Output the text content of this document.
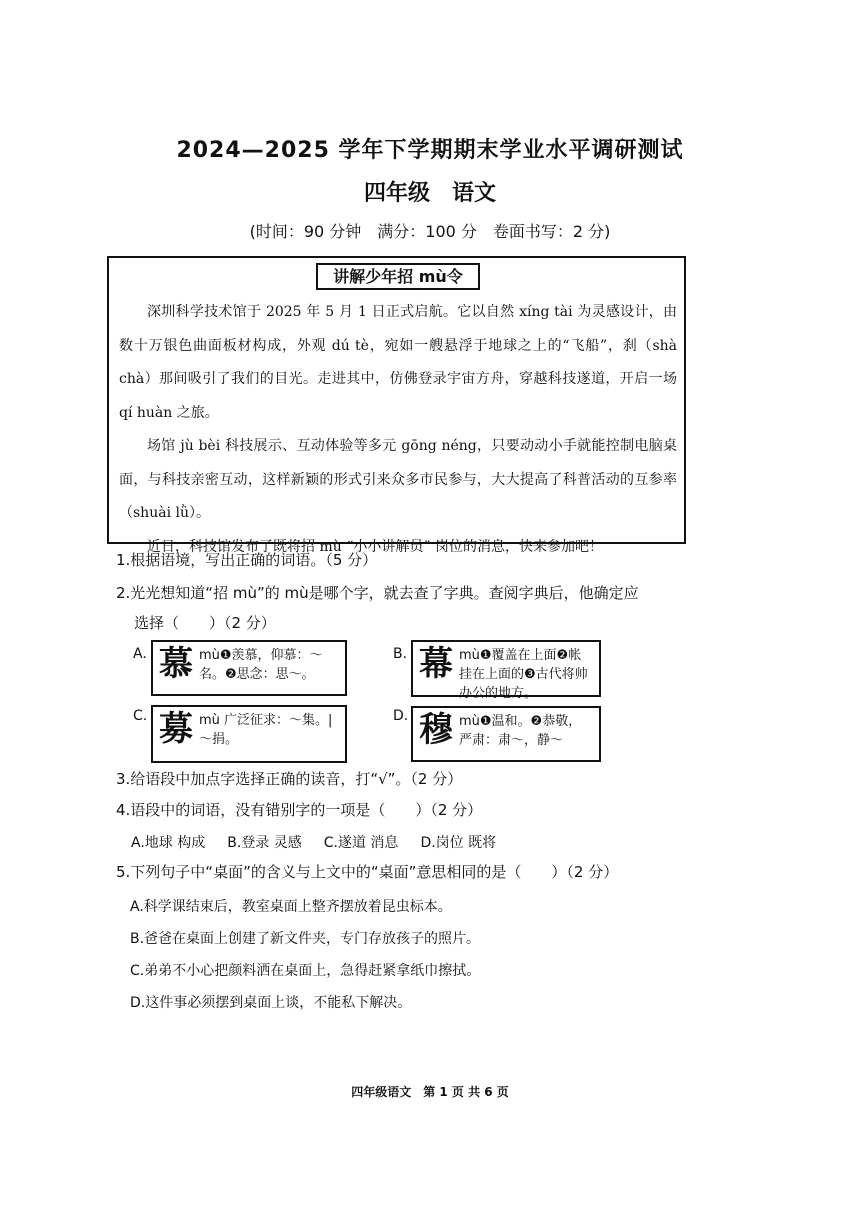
2024—2025 学年下学期期末学业水平调研测试
四年级　语文
(时间：90 分钟　满分：100 分　卷面书写：2 分)
讲解少年招 mù令

深圳科学技术馆于 2025 年 5 月 1 日正式启航。它以自然 xíng tài 为灵感设计，由数十万银色曲面板材构成，外观 dú tè，宛如一艘悬浮于地球之上的“飞船”，刹（shà chà）那间吸引了我们的目光。走进其中，仿佛登录宇宙方舟，穿越科技遂道，开启一场 qí huàn 之旅。

场馆 jù bèi 科技展示、互动体验等多元 gōng néng，只要动动小手就能控制电脑桌面，与科技亲密互动，这样新颖的形式引来众多市民参与，大大提高了科普活动的互参率（shuài lǜ）。

近日，科技馆发布了既将招 mù “小小讲解员” 岗位的消息，快来参加吧！

1.根据语境，写出正确的词语。（5 分）
2.光光想知道“招 mù”的 mù是哪个字，就去查了字典。查阅字典后，他确定应
选择（　　）（2 分）
A. 慕 mù❶羡慕，仰慕：～名。❷思念：思～。
B. 幕 mù❶覆盖在上面❷帐挂在上面的❸古代将帅办公的地方。
C. 募 mù 广泛征求：～集。|～捐。
D. 穆 mù❶温和。❷恭敬，严肃：肃～，静～
3.给语段中加点字选择正确的读音，打“√”。（2 分）
4.语段中的词语，没有错别字的一项是（　　）（2 分）
A.地球 构成 B.登录 灵感 C.遂道 消息 D.岗位 既将
5.下列句子中“桌面”的含义与上文中的“桌面”意思相同的是（　　）（2 分）
A.科学课结束后，教室桌面上整齐摆放着昆虫标本。
B.爸爸在桌面上创建了新文件夹，专门存放孩子的照片。
C.弟弟不小心把颜料洒在桌面上，急得赶紧拿纸巾擦拭。
D.这件事必须摆到桌面上谈，不能私下解决。
四年级语文　第 1 页 共 6 页
